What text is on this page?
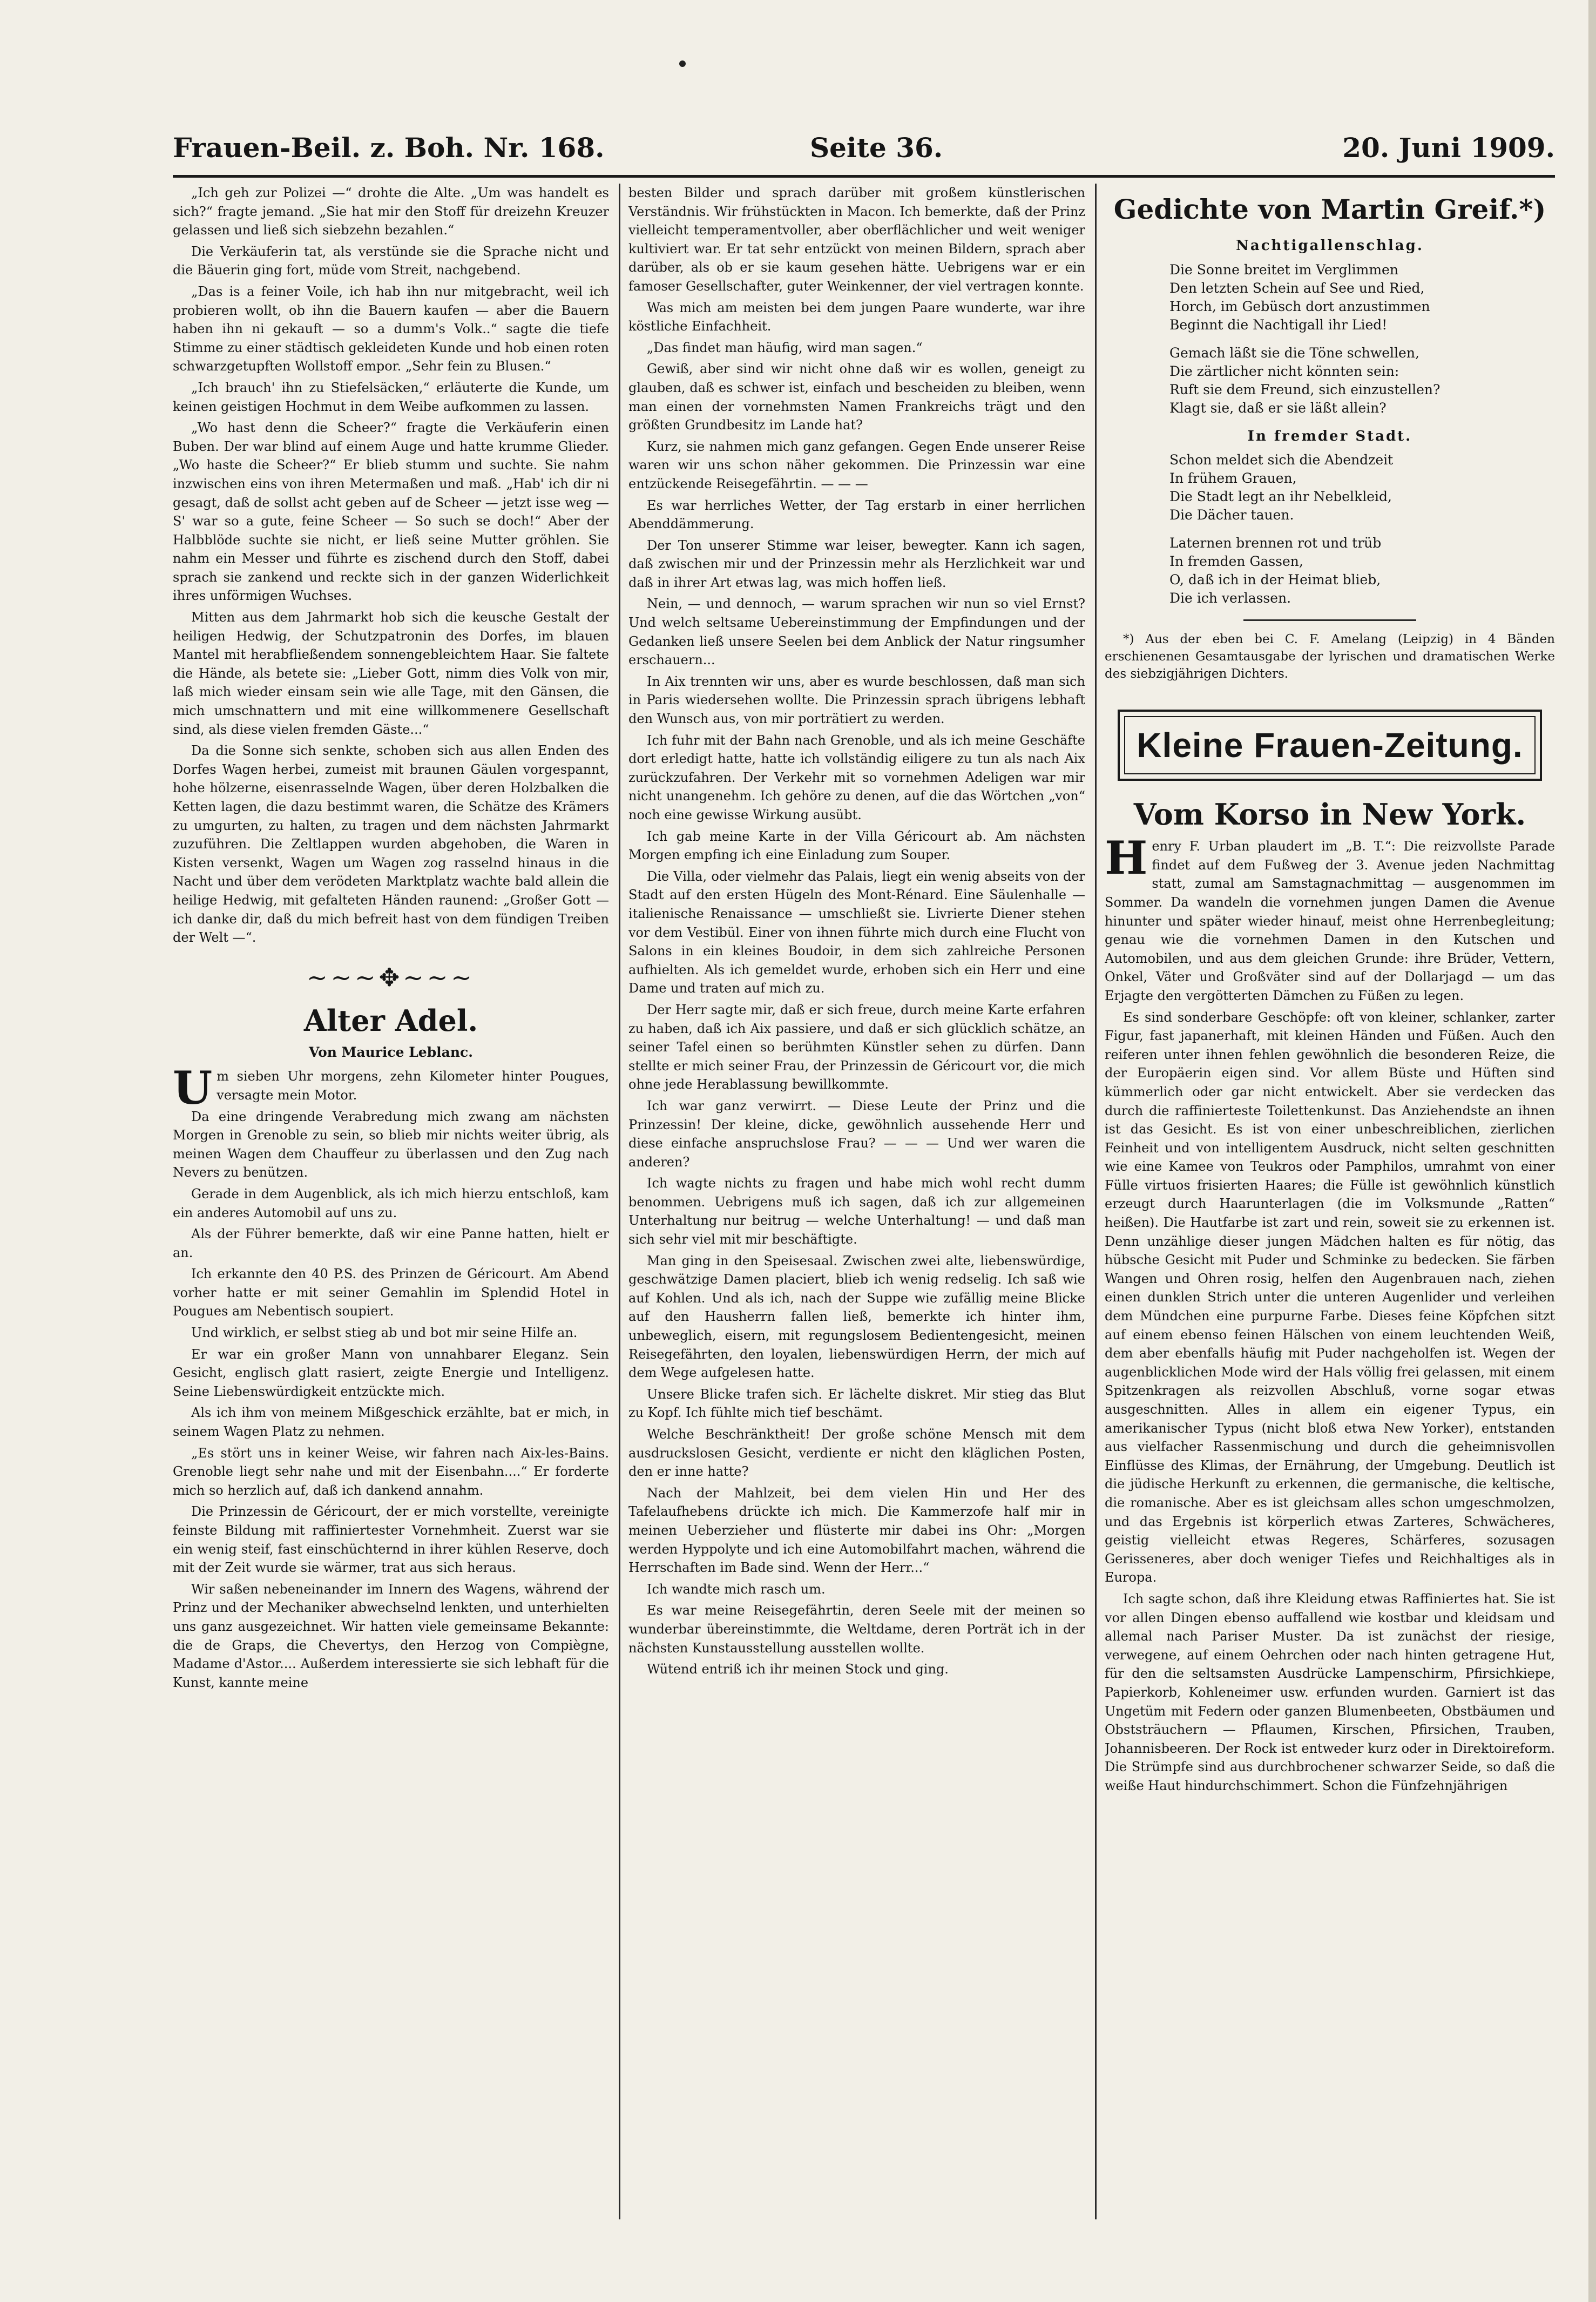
Frauen-Beil. z. Boh. Nr. 168.	Seite 36.	20. Juni 1909.

„Ich geh zur Polizei —“ drohte die Alte. „Um was handelt es sich?“ fragte jemand. „Sie hat mir den Stoff für dreizehn Kreuzer gelassen und ließ sich siebzehn bezahlen.“

Die Verkäuferin tat, als verstünde sie die Sprache nicht und die Bäuerin ging fort, müde vom Streit, nachgebend.

„Das is a feiner Voile, ich hab ihn nur mitgebracht, weil ich probieren wollt, ob ihn die Bauern kaufen — aber die Bauern haben ihn ni gekauft — so a dumm's Volk..“ sagte die tiefe Stimme zu einer städtisch gekleideten Kunde und hob einen roten schwarzgetupften Wollstoff empor. „Sehr fein zu Blusen.“

„Ich brauch' ihn zu Stiefelsäcken,“ erläuterte die Kunde, um keinen geistigen Hochmut in dem Weibe aufkommen zu lassen.

„Wo hast denn die Scheer?“ fragte die Verkäuferin einen Buben. Der war blind auf einem Auge und hatte krumme Glieder. „Wo haste die Scheer?“ Er blieb stumm und suchte. Sie nahm inzwischen eins von ihren Metermaßen und maß. „Hab' ich dir ni gesagt, daß de sollst acht geben auf de Scheer — jetzt isse weg — S' war so a gute, feine Scheer — So such se doch!“ Aber der Halbblöde suchte sie nicht, er ließ seine Mutter gröhlen. Sie nahm ein Messer und führte es zischend durch den Stoff, dabei sprach sie zankend und reckte sich in der ganzen Widerlichkeit ihres unförmigen Wuchses.

Mitten aus dem Jahrmarkt hob sich die keusche Gestalt der heiligen Hedwig, der Schutzpatronin des Dorfes, im blauen Mantel mit herabfließendem sonnengebleichtem Haar. Sie faltete die Hände, als betete sie: „Lieber Gott, nimm dies Volk von mir, laß mich wieder einsam sein wie alle Tage, mit den Gänsen, die mich umschnattern und mit eine willkommenere Gesellschaft sind, als diese vielen fremden Gäste...“

Da die Sonne sich senkte, schoben sich aus allen Enden des Dorfes Wagen herbei, zumeist mit braunen Gäulen vorgespannt, hohe hölzerne, eisenrasselnde Wagen, über deren Holzbalken die Ketten lagen, die dazu bestimmt waren, die Schätze des Krämers zu umgurten, zu halten, zu tragen und dem nächsten Jahrmarkt zuzuführen. Die Zeltlappen wurden abgehoben, die Waren in Kisten versenkt, Wagen um Wagen zog rasselnd hinaus in die Nacht und über dem verödeten Marktplatz wachte bald allein die heilige Hedwig, mit gefalteten Händen raunend: „Großer Gott — ich danke dir, daß du mich befreit hast von dem fündigen Treiben der Welt —“.

~~~✥~~~
Alter Adel.
Von Maurice Leblanc.

U m sieben Uhr morgens, zehn Kilometer hinter Pougues, versagte mein Motor.

Da eine dringende Verabredung mich zwang am nächsten Morgen in Grenoble zu sein, so blieb mir nichts weiter übrig, als meinen Wagen dem Chauffeur zu überlassen und den Zug nach Nevers zu benützen.

Gerade in dem Augenblick, als ich mich hierzu entschloß, kam ein anderes Automobil auf uns zu.

Als der Führer bemerkte, daß wir eine Panne hatten, hielt er an.

Ich erkannte den 40 P.S. des Prinzen de Géricourt. Am Abend vorher hatte er mit seiner Gemahlin im Splendid Hotel in Pougues am Nebentisch soupiert.

Und wirklich, er selbst stieg ab und bot mir seine Hilfe an.

Er war ein großer Mann von unnahbarer Eleganz. Sein Gesicht, englisch glatt rasiert, zeigte Energie und Intelligenz. Seine Liebenswürdigkeit entzückte mich.

Als ich ihm von meinem Mißgeschick erzählte, bat er mich, in seinem Wagen Platz zu nehmen.

„Es stört uns in keiner Weise, wir fahren nach Aix-les-Bains. Grenoble liegt sehr nahe und mit der Eisenbahn....“ Er forderte mich so herzlich auf, daß ich dankend annahm.

Die Prinzessin de Géricourt, der er mich vorstellte, vereinigte feinste Bildung mit raffiniertester Vornehmheit. Zuerst war sie ein wenig steif, fast einschüchternd in ihrer kühlen Reserve, doch mit der Zeit wurde sie wärmer, trat aus sich heraus.

Wir saßen nebeneinander im Innern des Wagens, während der Prinz und der Mechaniker abwechselnd lenkten, und unterhielten uns ganz ausgezeichnet. Wir hatten viele gemeinsame Bekannte: die de Graps, die Chevertys, den Herzog von Compiègne, Madame d'Astor.... Außerdem interessierte sie sich lebhaft für die Kunst, kannte meine

besten Bilder und sprach darüber mit großem künstlerischen Verständnis. Wir frühstückten in Macon. Ich bemerkte, daß der Prinz vielleicht temperamentvoller, aber oberflächlicher und weit weniger kultiviert war. Er tat sehr entzückt von meinen Bildern, sprach aber darüber, als ob er sie kaum gesehen hätte. Uebrigens war er ein famoser Gesellschafter, guter Weinkenner, der viel vertragen konnte.

Was mich am meisten bei dem jungen Paare wunderte, war ihre köstliche Einfachheit.

„Das findet man häufig, wird man sagen.“

Gewiß, aber sind wir nicht ohne daß wir es wollen, geneigt zu glauben, daß es schwer ist, einfach und bescheiden zu bleiben, wenn man einen der vornehmsten Namen Frankreichs trägt und den größten Grundbesitz im Lande hat?

Kurz, sie nahmen mich ganz gefangen. Gegen Ende unserer Reise waren wir uns schon näher gekommen. Die Prinzessin war eine entzückende Reisegefährtin. — — —

Es war herrliches Wetter, der Tag erstarb in einer herrlichen Abenddämmerung.

Der Ton unserer Stimme war leiser, bewegter. Kann ich sagen, daß zwischen mir und der Prinzessin mehr als Herzlichkeit war und daß in ihrer Art etwas lag, was mich hoffen ließ.

Nein, — und dennoch, — warum sprachen wir nun so viel Ernst? Und welch seltsame Uebereinstimmung der Empfindungen und der Gedanken ließ unsere Seelen bei dem Anblick der Natur ringsumher erschauern...

In Aix trennten wir uns, aber es wurde beschlossen, daß man sich in Paris wiedersehen wollte. Die Prinzessin sprach übrigens lebhaft den Wunsch aus, von mir porträtiert zu werden.

Ich fuhr mit der Bahn nach Grenoble, und als ich meine Geschäfte dort erledigt hatte, hatte ich vollständig eiligere zu tun als nach Aix zurückzufahren. Der Verkehr mit so vornehmen Adeligen war mir nicht unangenehm. Ich gehöre zu denen, auf die das Wörtchen „von“ noch eine gewisse Wirkung ausübt.

Ich gab meine Karte in der Villa Géricourt ab. Am nächsten Morgen empfing ich eine Einladung zum Souper.

Die Villa, oder vielmehr das Palais, liegt ein wenig abseits von der Stadt auf den ersten Hügeln des Mont-Rénard. Eine Säulenhalle — italienische Renaissance — umschließt sie. Livrierte Diener stehen vor dem Vestibül. Einer von ihnen führte mich durch eine Flucht von Salons in ein kleines Boudoir, in dem sich zahlreiche Personen aufhielten. Als ich gemeldet wurde, erhoben sich ein Herr und eine Dame und traten auf mich zu.

Der Herr sagte mir, daß er sich freue, durch meine Karte erfahren zu haben, daß ich Aix passiere, und daß er sich glücklich schätze, an seiner Tafel einen so berühmten Künstler sehen zu dürfen. Dann stellte er mich seiner Frau, der Prinzessin de Géricourt vor, die mich ohne jede Herablassung bewillkommte.

Ich war ganz verwirrt. — Diese Leute der Prinz und die Prinzessin! Der kleine, dicke, gewöhnlich aussehende Herr und diese einfache anspruchslose Frau? — — — Und wer waren die anderen?

Ich wagte nichts zu fragen und habe mich wohl recht dumm benommen. Uebrigens muß ich sagen, daß ich zur allgemeinen Unterhaltung nur beitrug — welche Unterhaltung! — und daß man sich sehr viel mit mir beschäftigte.

Man ging in den Speisesaal. Zwischen zwei alte, liebenswürdige, geschwätzige Damen placiert, blieb ich wenig redselig. Ich saß wie auf Kohlen. Und als ich, nach der Suppe wie zufällig meine Blicke auf den Hausherrn fallen ließ, bemerkte ich hinter ihm, unbeweglich, eisern, mit regungslosem Bedientengesicht, meinen Reisegefährten, den loyalen, liebenswürdigen Herrn, der mich auf dem Wege aufgelesen hatte.

Unsere Blicke trafen sich. Er lächelte diskret. Mir stieg das Blut zu Kopf. Ich fühlte mich tief beschämt.

Welche Beschränktheit! Der große schöne Mensch mit dem ausdruckslosen Gesicht, verdiente er nicht den kläglichen Posten, den er inne hatte?

Nach der Mahlzeit, bei dem vielen Hin und Her des Tafelaufhebens drückte ich mich. Die Kammerzofe half mir in meinen Ueberzieher und flüsterte mir dabei ins Ohr: „Morgen werden Hyppolyte und ich eine Automobilfahrt machen, während die Herrschaften im Bade sind. Wenn der Herr...“

Ich wandte mich rasch um.

Es war meine Reisegefährtin, deren Seele mit der meinen so wunderbar übereinstimmte, die Weltdame, deren Porträt ich in der nächsten Kunstausstellung ausstellen wollte.

Wütend entriß ich ihr meinen Stock und ging.

Gedichte von Martin Greif.*)
Nachtigallenschlag.
Die Sonne breitet im Verglimmen
Den letzten Schein auf See und Ried,
Horch, im Gebüsch dort anzustimmen
Beginnt die Nachtigall ihr Lied!
Gemach läßt sie die Töne schwellen,
Die zärtlicher nicht könnten sein:
Ruft sie dem Freund, sich einzustellen?
Klagt sie, daß er sie läßt allein?
In fremder Stadt.
Schon meldet sich die Abendzeit
In frühem Grauen,
Die Stadt legt an ihr Nebelkleid,
Die Dächer tauen.
Laternen brennen rot und trüb
In fremden Gassen,
O, daß ich in der Heimat blieb,
Die ich verlassen.
*) Aus der eben bei C. F. Amelang (Leipzig) in 4 Bänden erschienenen Gesamtausgabe der lyrischen und dramatischen Werke des siebzigjährigen Dichters.
Kleine Frauen-Zeitung.
Vom Korso in New York.

H enry F. Urban plaudert im „B. T.“: Die reizvollste Parade findet auf dem Fußweg der 3. Avenue jeden Nachmittag statt, zumal am Samstagnachmittag — ausgenommen im Sommer. Da wandeln die vornehmen jungen Damen die Avenue hinunter und später wieder hinauf, meist ohne Herrenbegleitung; genau wie die vornehmen Damen in den Kutschen und Automobilen, und aus dem gleichen Grunde: ihre Brüder, Vettern, Onkel, Väter und Großväter sind auf der Dollarjagd — um das Erjagte den vergötterten Dämchen zu Füßen zu legen.

Es sind sonderbare Geschöpfe: oft von kleiner, schlanker, zarter Figur, fast japanerhaft, mit kleinen Händen und Füßen. Auch den reiferen unter ihnen fehlen gewöhnlich die besonderen Reize, die der Europäerin eigen sind. Vor allem Büste und Hüften sind kümmerlich oder gar nicht entwickelt. Aber sie verdecken das durch die raffinierteste Toilettenkunst. Das Anziehendste an ihnen ist das Gesicht. Es ist von einer unbeschreiblichen, zierlichen Feinheit und von intelligentem Ausdruck, nicht selten geschnitten wie eine Kamee von Teukros oder Pamphilos, umrahmt von einer Fülle virtuos frisierten Haares; die Fülle ist gewöhnlich künstlich erzeugt durch Haarunterlagen (die im Volksmunde „Ratten“ heißen). Die Hautfarbe ist zart und rein, soweit sie zu erkennen ist. Denn unzählige dieser jungen Mädchen halten es für nötig, das hübsche Gesicht mit Puder und Schminke zu bedecken. Sie färben Wangen und Ohren rosig, helfen den Augenbrauen nach, ziehen einen dunklen Strich unter die unteren Augenlider und verleihen dem Mündchen eine purpurne Farbe. Dieses feine Köpfchen sitzt auf einem ebenso feinen Hälschen von einem leuchtenden Weiß, dem aber ebenfalls häufig mit Puder nachgeholfen ist. Wegen der augenblicklichen Mode wird der Hals völlig frei gelassen, mit einem Spitzenkragen als reizvollen Abschluß, vorne sogar etwas ausgeschnitten. Alles in allem ein eigener Typus, ein amerikanischer Typus (nicht bloß etwa New Yorker), entstanden aus vielfacher Rassenmischung und durch die geheimnisvollen Einflüsse des Klimas, der Ernährung, der Umgebung. Deutlich ist die jüdische Herkunft zu erkennen, die germanische, die keltische, die romanische. Aber es ist gleichsam alles schon umgeschmolzen, und das Ergebnis ist körperlich etwas Zarteres, Schwächeres, geistig vielleicht etwas Regeres, Schärferes, sozusagen Gerisseneres, aber doch weniger Tiefes und Reichhaltiges als in Europa.

Ich sagte schon, daß ihre Kleidung etwas Raffiniertes hat. Sie ist vor allen Dingen ebenso auffallend wie kostbar und kleidsam und allemal nach Pariser Muster. Da ist zunächst der riesige, verwegene, auf einem Oehrchen oder nach hinten getragene Hut, für den die seltsamsten Ausdrücke Lampenschirm, Pfirsichkiepe, Papierkorb, Kohleneimer usw. erfunden wurden. Garniert ist das Ungetüm mit Federn oder ganzen Blumenbeeten, Obstbäumen und Obststräuchern — Pflaumen, Kirschen, Pfirsichen, Trauben, Johannisbeeren. Der Rock ist entweder kurz oder in Direktoireform. Die Strümpfe sind aus durchbrochener schwarzer Seide, so daß die weiße Haut hindurchschimmert. Schon die Fünfzehnjährigen
